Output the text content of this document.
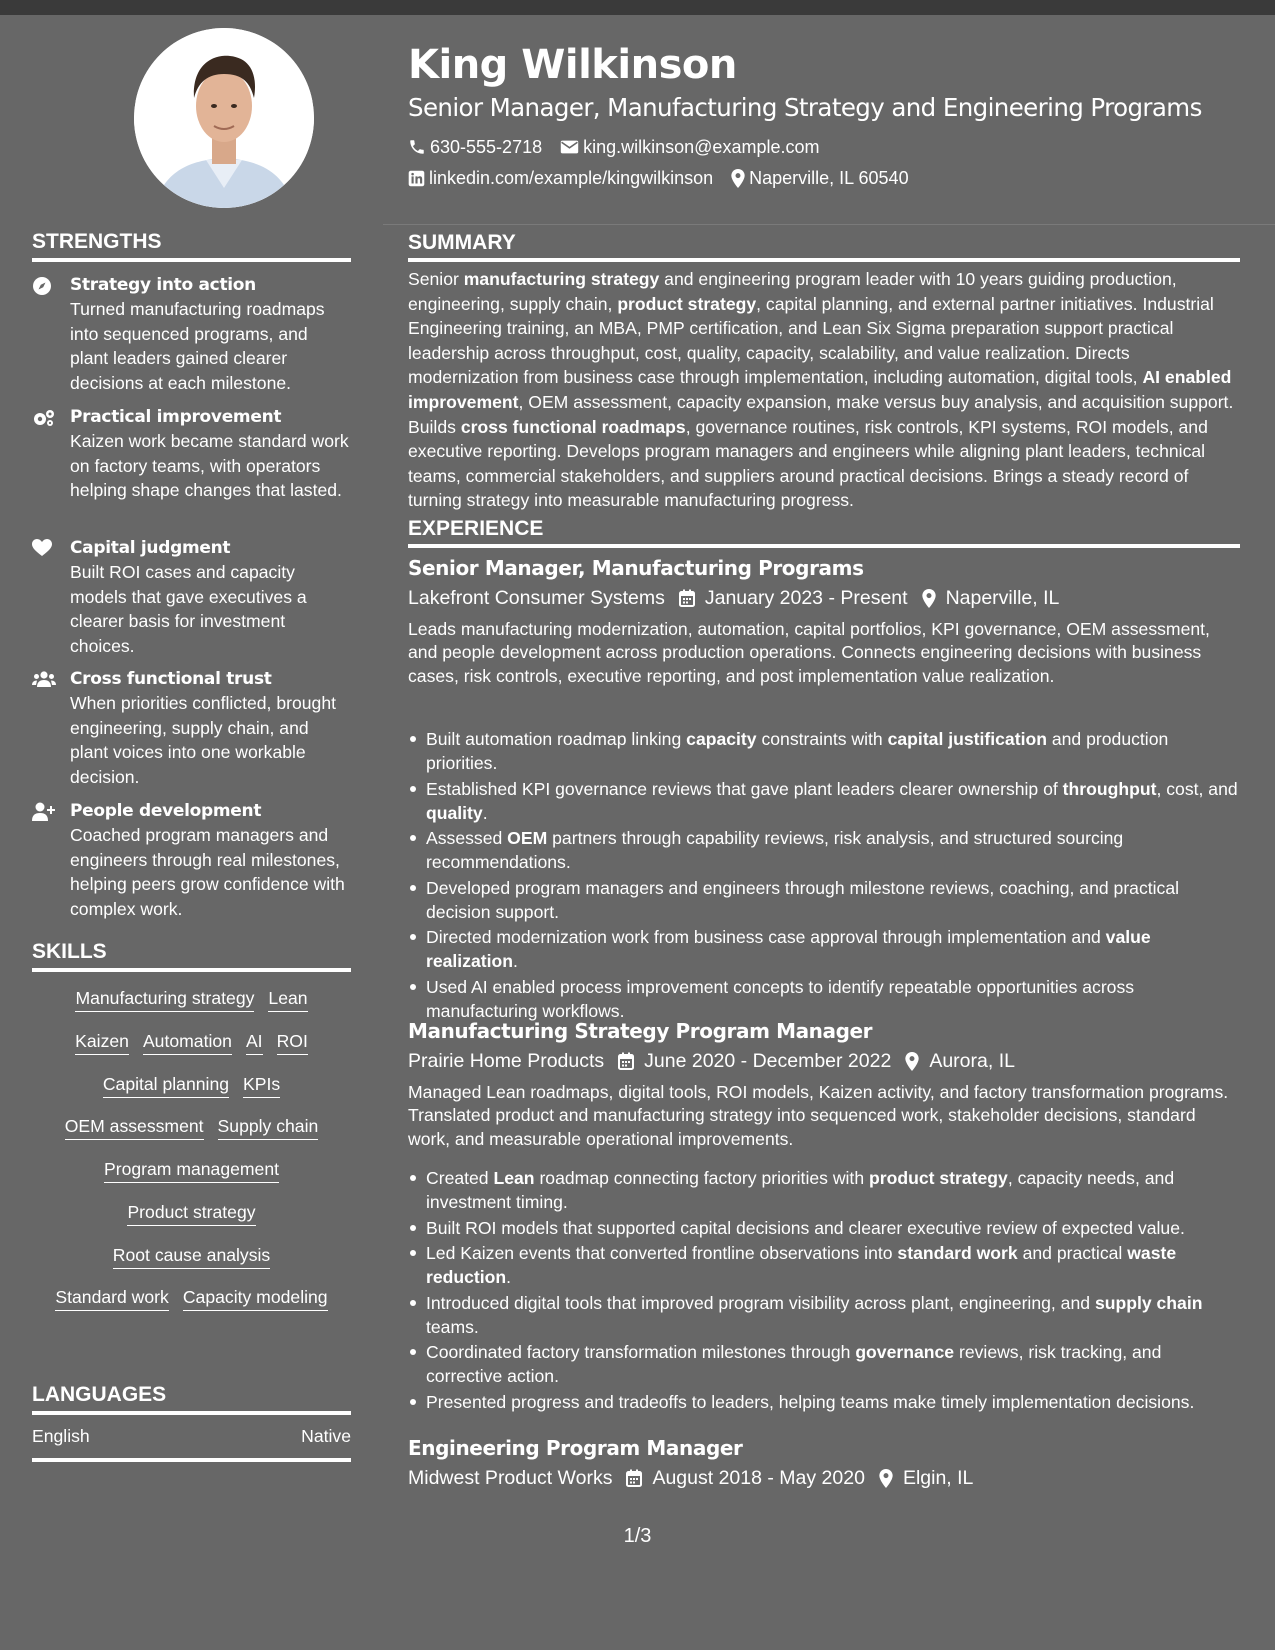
STRENGTHS
Strategy into action
Turned manufacturing roadmaps into sequenced programs, and plant leaders gained clearer decisions at each milestone.
Practical improvement
Kaizen work became standard work on factory teams, with operators helping shape changes that lasted.
Capital judgment
Built ROI cases and capacity models that gave executives a clearer basis for investment choices.
Cross functional trust
When priorities conflicted, brought engineering, supply chain, and plant voices into one workable decision.
People development
Coached program managers and engineers through real milestones, helping peers grow confidence with complex work.
SKILLS
Manufacturing strategy Lean
Kaizen Automation AI ROI
Capital planning KPIs
OEM assessment Supply chain
Program management
Product strategy
Root cause analysis
Standard work Capacity modeling
LANGUAGES
English	Native
King Wilkinson
Senior Manager, Manufacturing Strategy and Engineering Programs
630-555-2718 king.wilkinson@example.com
linkedin.com/example/kingwilkinson Naperville, IL 60540
SUMMARY
Senior manufacturing strategy and engineering program leader with 10 years guiding production, engineering, supply chain, product strategy, capital planning, and external partner initiatives. Industrial Engineering training, an MBA, PMP certification, and Lean Six Sigma preparation support practical leadership across throughput, cost, quality, capacity, scalability, and value realization. Directs modernization from business case through implementation, including automation, digital tools, AI enabled improvement, OEM assessment, capacity expansion, make versus buy analysis, and acquisition support. Builds cross functional roadmaps, governance routines, risk controls, KPI systems, ROI models, and executive reporting. Develops program managers and engineers while aligning plant leaders, technical teams, commercial stakeholders, and suppliers around practical decisions. Brings a steady record of turning strategy into measurable manufacturing progress.
EXPERIENCE
Senior Manager, Manufacturing Programs
Lakefront Consumer Systems January 2023 - Present Naperville, IL
Leads manufacturing modernization, automation, capital portfolios, KPI governance, OEM assessment, and people development across production operations. Connects engineering decisions with business cases, risk controls, executive reporting, and post implementation value realization.
Built automation roadmap linking capacity constraints with capital justification and production priorities.
Established KPI governance reviews that gave plant leaders clearer ownership of throughput, cost, and quality.
Assessed OEM partners through capability reviews, risk analysis, and structured sourcing recommendations.
Developed program managers and engineers through milestone reviews, coaching, and practical decision support.
Directed modernization work from business case approval through implementation and value realization.
Used AI enabled process improvement concepts to identify repeatable opportunities across manufacturing workflows.
Manufacturing Strategy Program Manager
Prairie Home Products June 2020 - December 2022 Aurora, IL
Managed Lean roadmaps, digital tools, ROI models, Kaizen activity, and factory transformation programs. Translated product and manufacturing strategy into sequenced work, stakeholder decisions, standard work, and measurable operational improvements.
Created Lean roadmap connecting factory priorities with product strategy, capacity needs, and investment timing.
Built ROI models that supported capital decisions and clearer executive review of expected value.
Led Kaizen events that converted frontline observations into standard work and practical waste reduction.
Introduced digital tools that improved program visibility across plant, engineering, and supply chain teams.
Coordinated factory transformation milestones through governance reviews, risk tracking, and corrective action.
Presented progress and tradeoffs to leaders, helping teams make timely implementation decisions.
Engineering Program Manager
Midwest Product Works August 2018 - May 2020 Elgin, IL
1/3
